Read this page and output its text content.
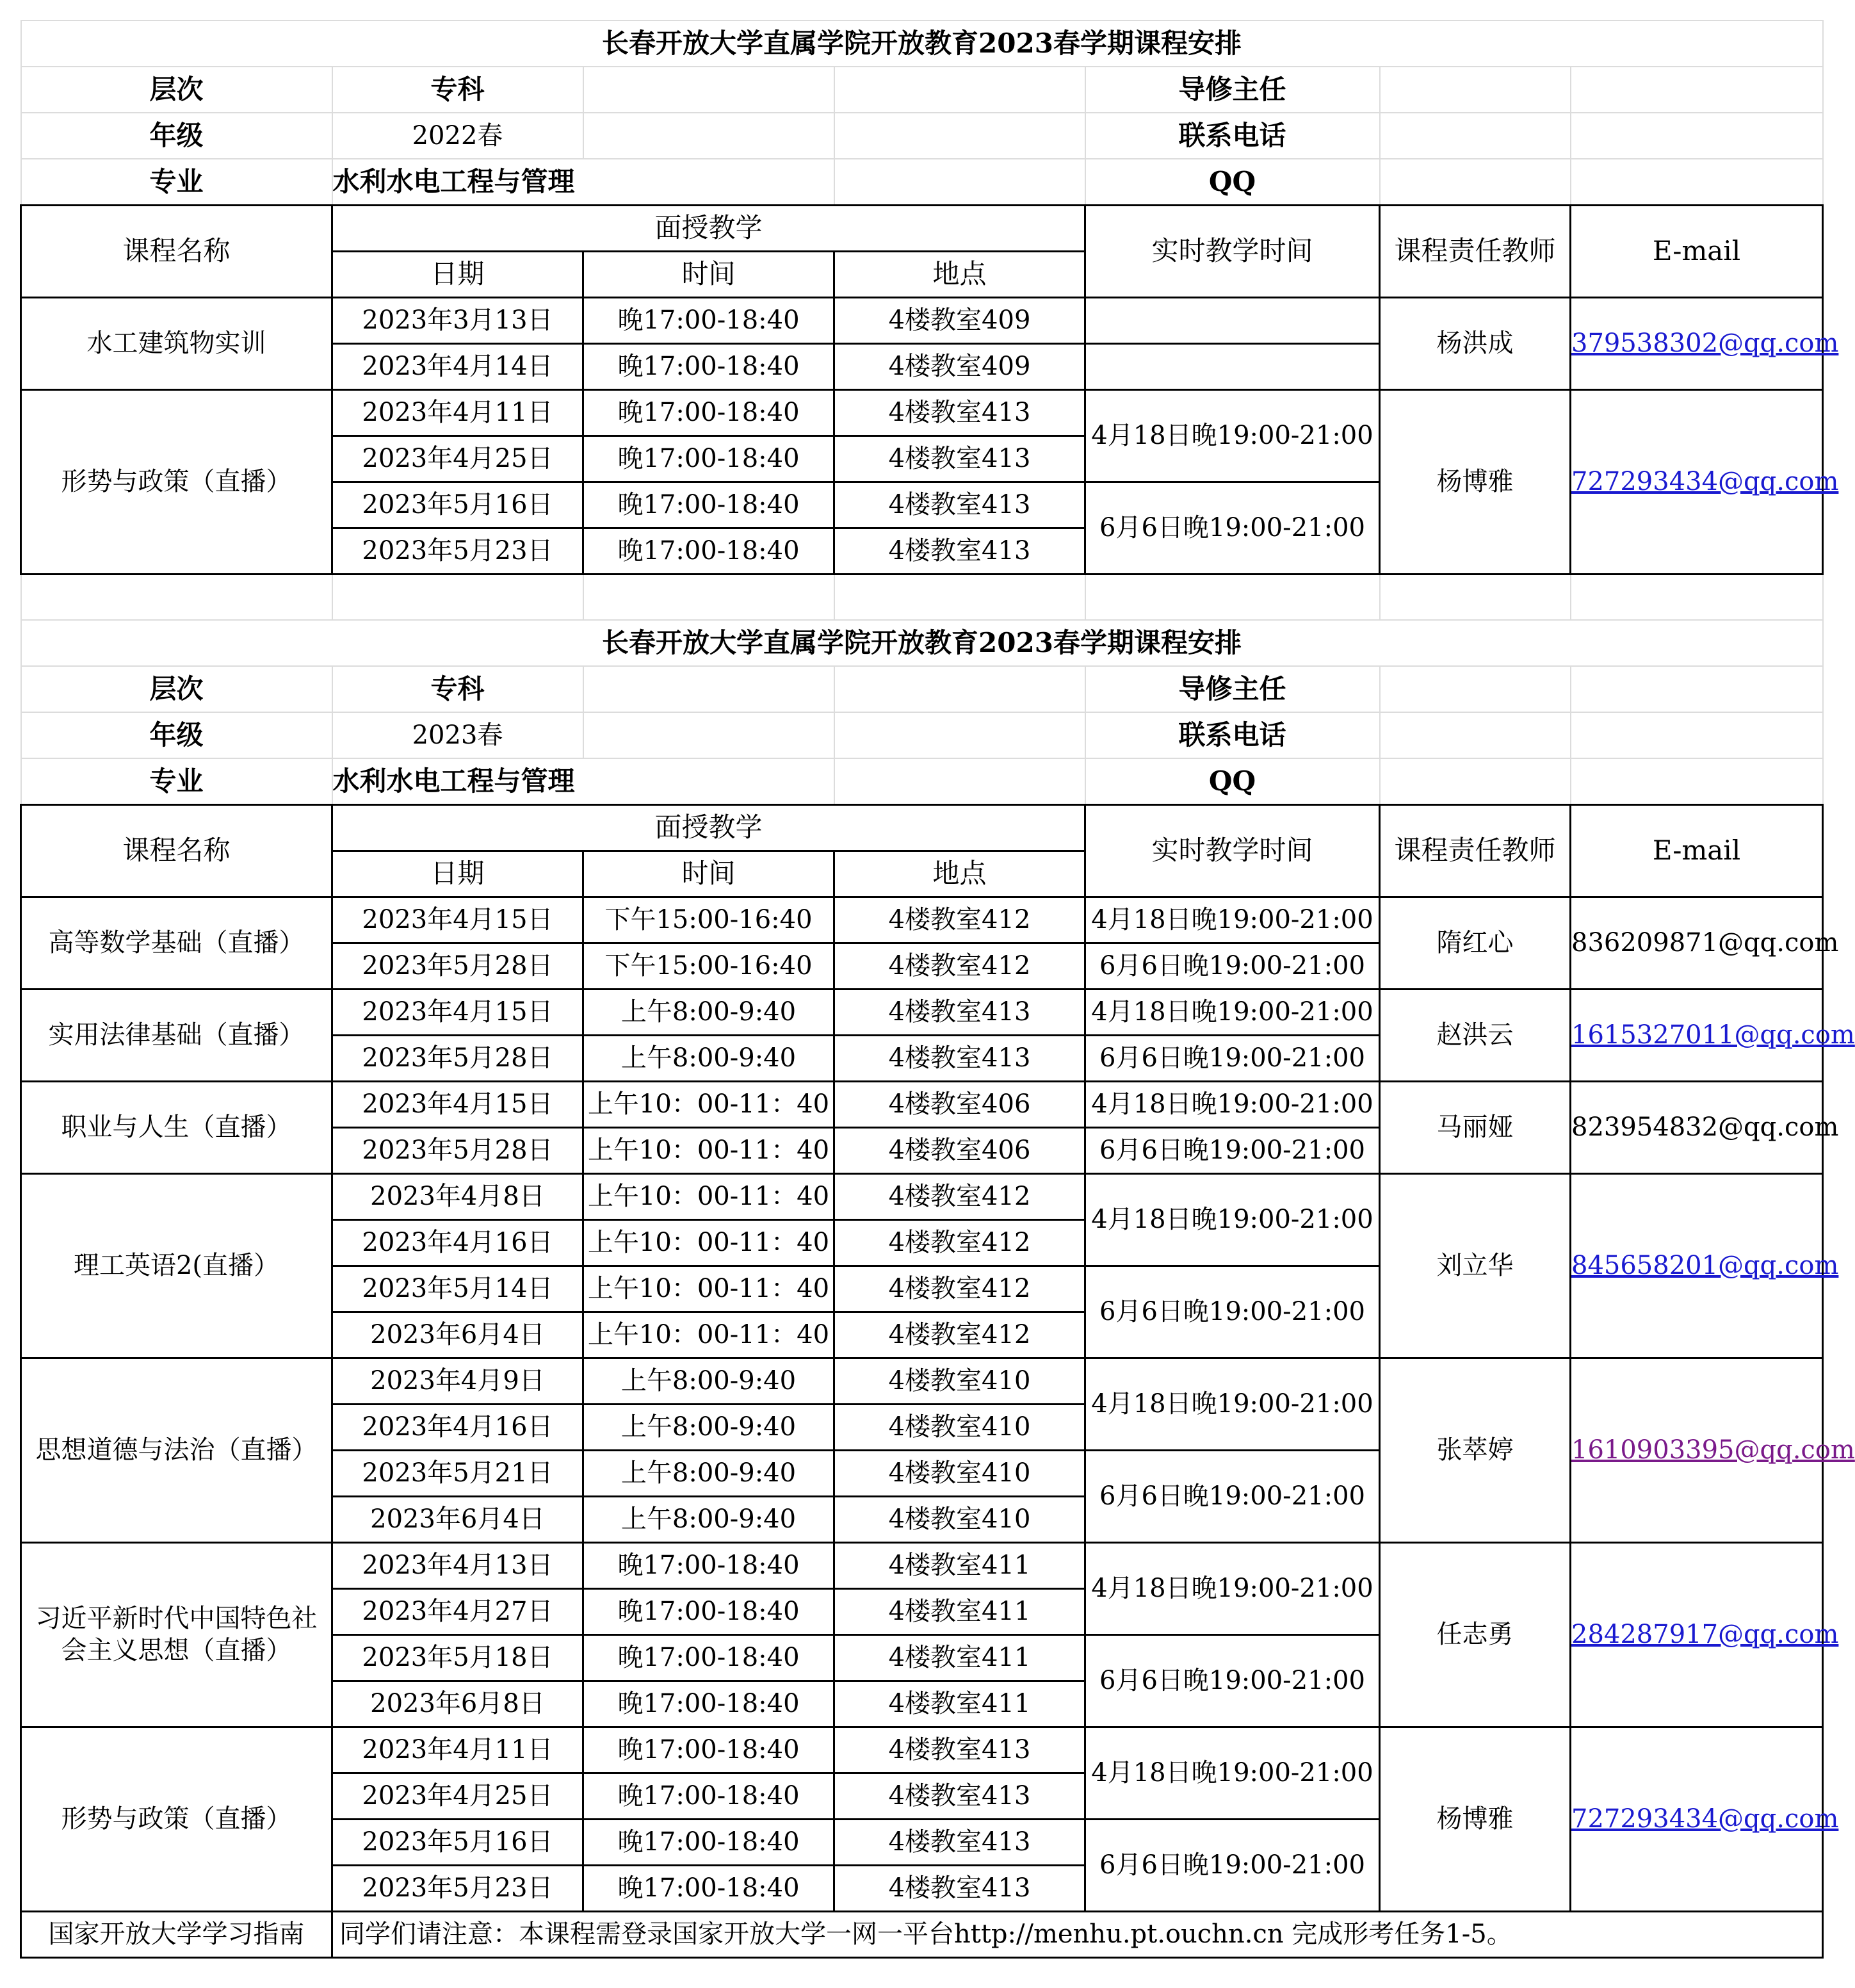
长春开放大学直属学院开放教育2023春学期课程安排						
层次	专科			导修主任		
年级	2022春			联系电话		
专业	水利水电工程与管理			QQ		
课程名称	面授教学			实时教学时间	课程责任教师	E-mail
	日期	时间	地点			
水工建筑物实训	2023年3月13日	晚17:00-18:40	4楼教室409		杨洪成	379538302@qq.com
	2023年4月14日	晚17:00-18:40	4楼教室409			
形势与政策（直播）	2023年4月11日	晚17:00-18:40	4楼教室413	4月18日晚19:00-21:00	杨博雅	727293434@qq.com
	2023年4月25日	晚17:00-18:40	4楼教室413			
	2023年5月16日	晚17:00-18:40	4楼教室413	6月6日晚19:00-21:00		
	2023年5月23日	晚17:00-18:40	4楼教室413			

长春开放大学直属学院开放教育2023春学期课程安排						
层次	专科			导修主任		
年级	2023春			联系电话		
专业	水利水电工程与管理			QQ		
课程名称	面授教学			实时教学时间	课程责任教师	E-mail
	日期	时间	地点			
高等数学基础（直播）	2023年4月15日	下午15:00-16:40	4楼教室412	4月18日晚19:00-21:00	隋红心	836209871@qq.com
	2023年5月28日	下午15:00-16:40	4楼教室412	6月6日晚19:00-21:00		
实用法律基础（直播）	2023年4月15日	上午8:00-9:40	4楼教室413	4月18日晚19:00-21:00	赵洪云	1615327011@qq.com
	2023年5月28日	上午8:00-9:40	4楼教室413	6月6日晚19:00-21:00		
职业与人生（直播）	2023年4月15日	上午10：00-11：40	4楼教室406	4月18日晚19:00-21:00	马丽娅	823954832@qq.com
	2023年5月28日	上午10：00-11：40	4楼教室406	6月6日晚19:00-21:00		
理工英语2(直播）	2023年4月8日	上午10：00-11：40	4楼教室412	4月18日晚19:00-21:00	刘立华	845658201@qq.com
	2023年4月16日	上午10：00-11：40	4楼教室412			
	2023年5月14日	上午10：00-11：40	4楼教室412	6月6日晚19:00-21:00		
	2023年6月4日	上午10：00-11：40	4楼教室412			
思想道德与法治（直播）	2023年4月9日	上午8:00-9:40	4楼教室410	4月18日晚19:00-21:00	张萃婷	1610903395@qq.com
	2023年4月16日	上午8:00-9:40	4楼教室410			
	2023年5月21日	上午8:00-9:40	4楼教室410	6月6日晚19:00-21:00		
	2023年6月4日	上午8:00-9:40	4楼教室410			
习近平新时代中国特色社会主义思想（直播）	2023年4月13日	晚17:00-18:40	4楼教室411	4月18日晚19:00-21:00	任志勇	284287917@qq.com
	2023年4月27日	晚17:00-18:40	4楼教室411			
	2023年5月18日	晚17:00-18:40	4楼教室411	6月6日晚19:00-21:00		
	2023年6月8日	晚17:00-18:40	4楼教室411			
形势与政策（直播）	2023年4月11日	晚17:00-18:40	4楼教室413	4月18日晚19:00-21:00	杨博雅	727293434@qq.com
	2023年4月25日	晚17:00-18:40	4楼教室413			
	2023年5月16日	晚17:00-18:40	4楼教室413	6月6日晚19:00-21:00		
	2023年5月23日	晚17:00-18:40	4楼教室413			
国家开放大学学习指南	同学们请注意：本课程需登录国家开放大学一网一平台http://menhu.pt.ouchn.cn 完成形考任务1-5。					
